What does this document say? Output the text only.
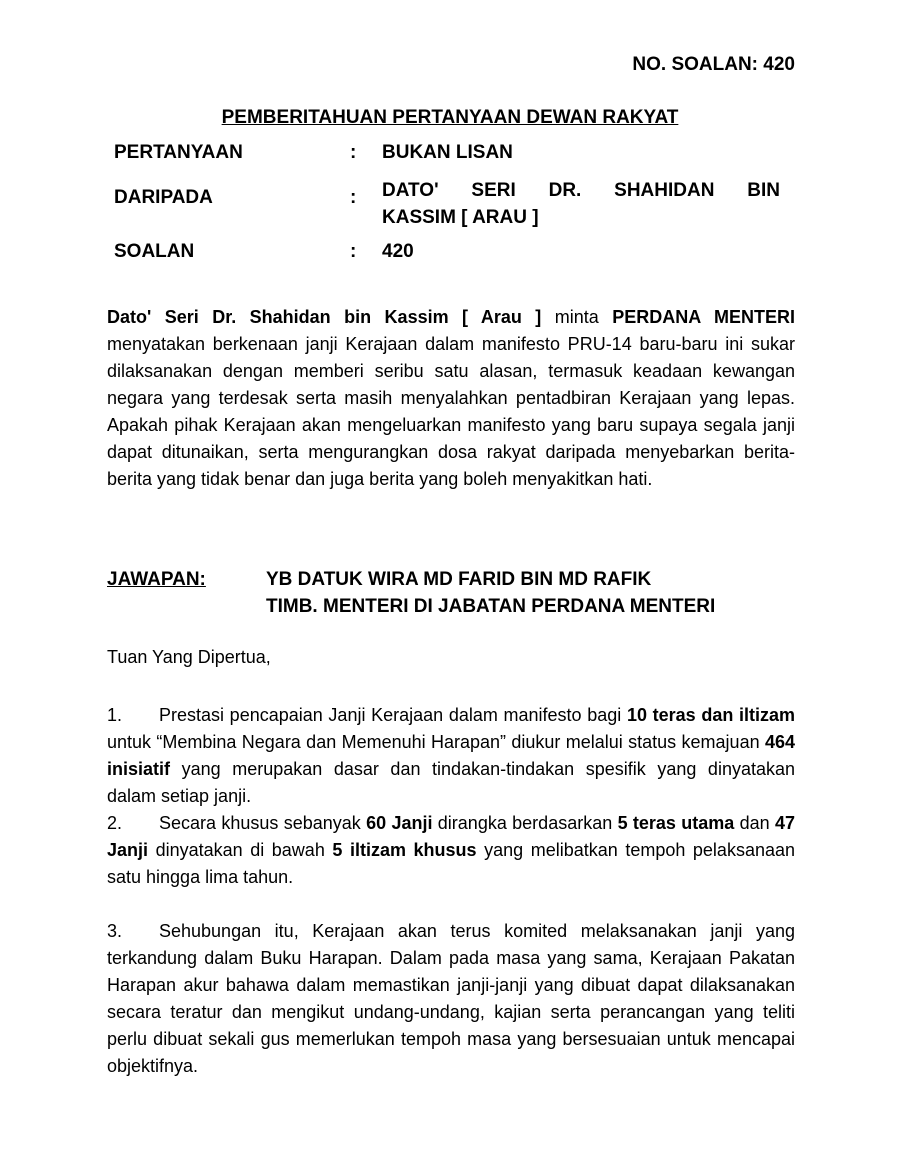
NO. SOALAN: 420
PEMBERITAHUAN PERTANYAAN DEWAN RAKYAT
PERTANYAAN	: BUKAN LISAN
DARIPADA	: DATO' SERI DR. SHAHIDAN BIN
KASSIM [ ARAU ]
SOALAN	: 420
Dato' Seri Dr. Shahidan bin Kassim [ Arau ] minta PERDANA MENTERI menyatakan berkenaan janji Kerajaan dalam manifesto PRU-14 baru-baru ini sukar dilaksanakan dengan memberi seribu satu alasan, termasuk keadaan kewangan negara yang terdesak serta masih menyalahkan pentadbiran Kerajaan yang lepas. Apakah pihak Kerajaan akan mengeluarkan manifesto yang baru supaya segala janji dapat ditunaikan, serta mengurangkan dosa rakyat daripada menyebarkan berita-berita yang tidak benar dan juga berita yang boleh menyakitkan hati.
JAWAPAN:	YB DATUK WIRA MD FARID BIN MD RAFIK
TIMB. MENTERI DI JABATAN PERDANA MENTERI
Tuan Yang Dipertua,
1. Prestasi pencapaian Janji Kerajaan dalam manifesto bagi 10 teras dan iltizam untuk “Membina Negara dan Memenuhi Harapan” diukur melalui status kemajuan 464 inisiatif yang merupakan dasar dan tindakan-tindakan spesifik yang dinyatakan dalam setiap janji.
2. Secara khusus sebanyak 60 Janji dirangka berdasarkan 5 teras utama dan 47 Janji dinyatakan di bawah 5 iltizam khusus yang melibatkan tempoh pelaksanaan satu hingga lima tahun.
3. Sehubungan itu, Kerajaan akan terus komited melaksanakan janji yang terkandung dalam Buku Harapan. Dalam pada masa yang sama, Kerajaan Pakatan Harapan akur bahawa dalam memastikan janji-janji yang dibuat dapat dilaksanakan secara teratur dan mengikut undang-undang, kajian serta perancangan yang teliti perlu dibuat sekali gus memerlukan tempoh masa yang bersesuaian untuk mencapai objektifnya.
